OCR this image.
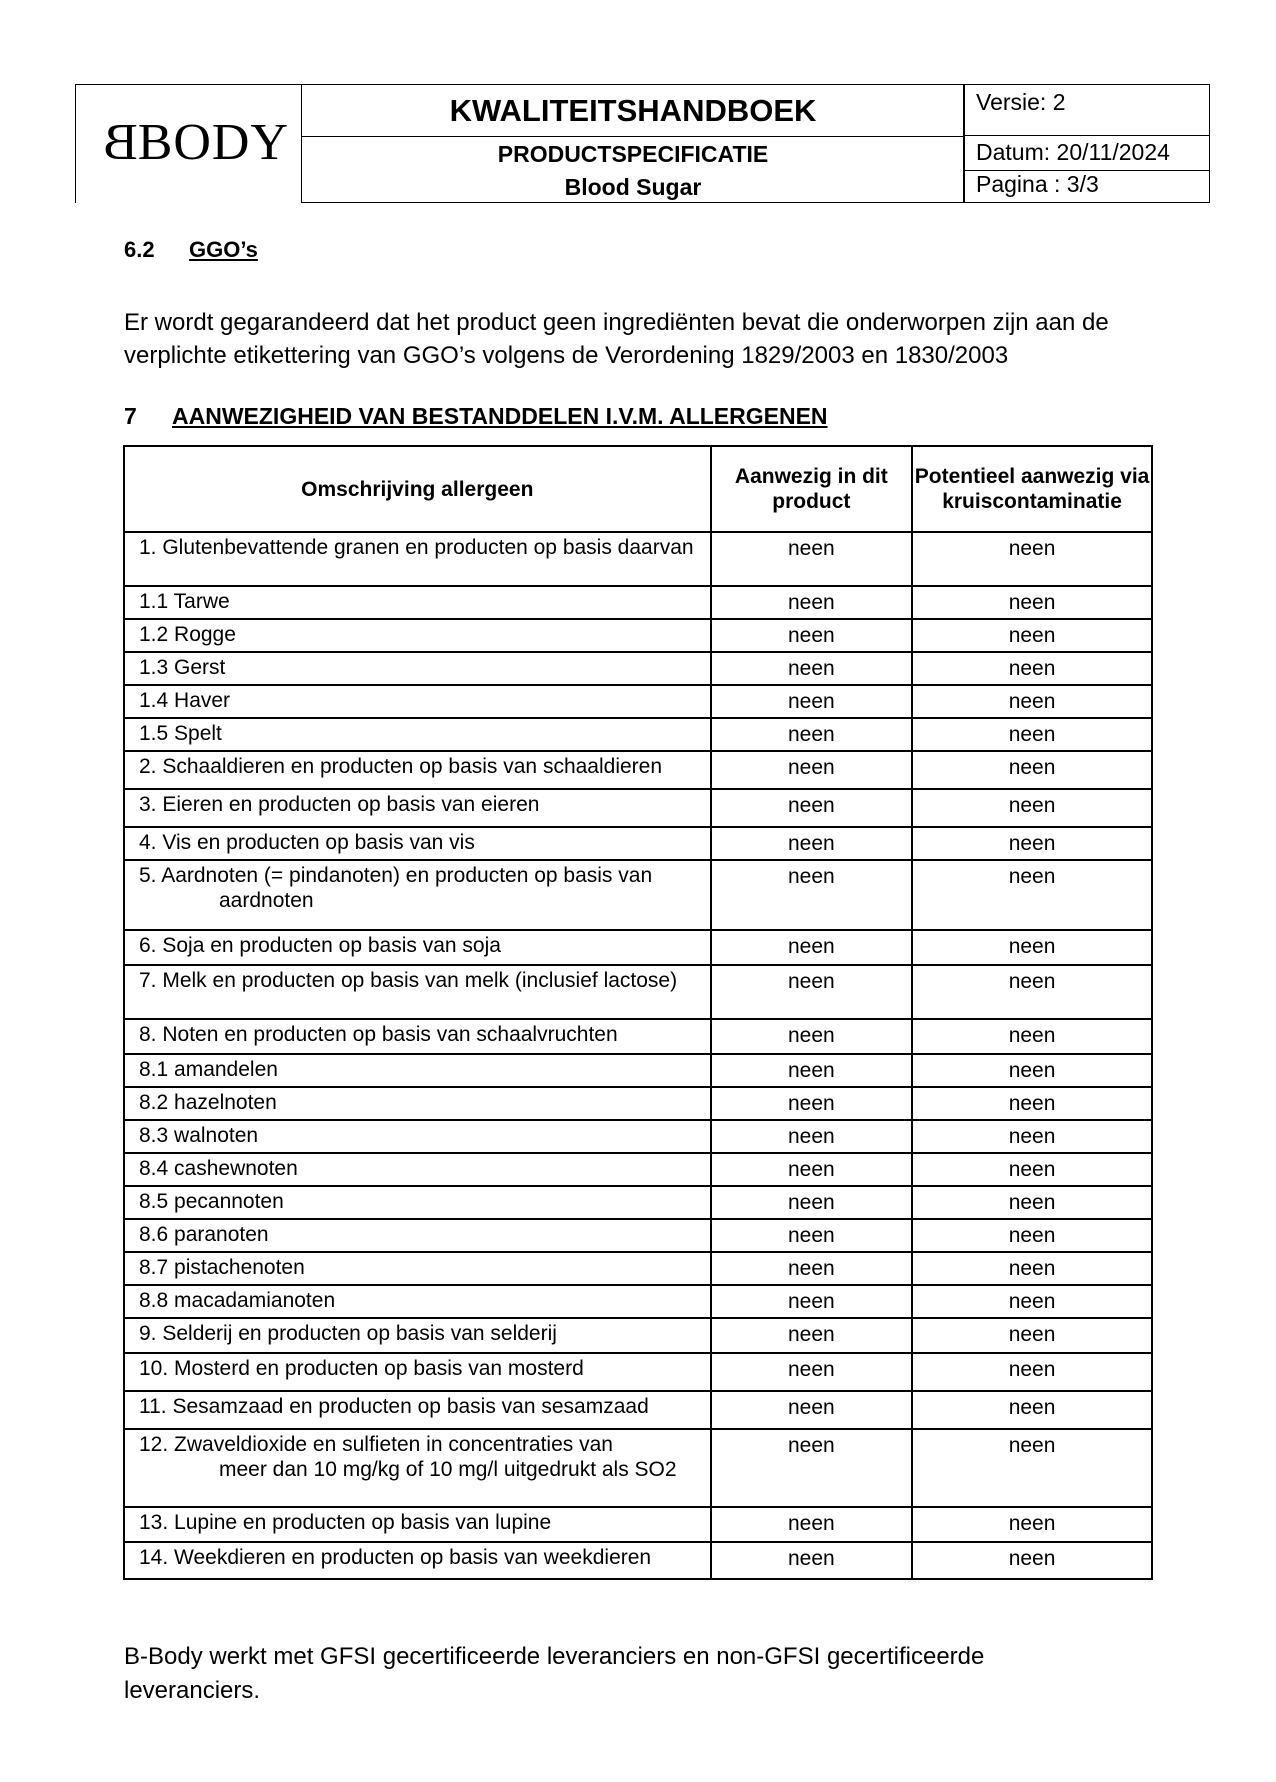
BBODY
KWALITEITSHANDBOEK
PRODUCTSPECIFICATIE
Blood Sugar
Versie: 2
Datum: 20/11/2024
Pagina : 3/3
6.2 GGO’s
Er wordt gegarandeerd dat het product geen ingrediënten bevat die onderworpen zijn aan de verplichte etikettering van GGO’s volgens de Verordening 1829/2003 en 1830/2003
7 AANWEZIGHEID VAN BESTANDDELEN I.V.M. ALLERGENEN
Omschrijving allergeen	Aanwezig in dit product	Potentieel aanwezig via kruiscontaminatie

1. Glutenbevattende granen en producten op basis daarvan	neen	neen

1.1 Tarwe	neen	neen

1.2 Rogge	neen	neen

1.3 Gerst	neen	neen

1.4 Haver	neen	neen

1.5 Spelt	neen	neen

2. Schaaldieren en producten op basis van schaaldieren	neen	neen

3. Eieren en producten op basis van eieren	neen	neen

4. Vis en producten op basis van vis	neen	neen

5. Aardnoten (= pindanoten) en producten op basis van
aardnoten	neen	neen

6. Soja en producten op basis van soja	neen	neen

7. Melk en producten op basis van melk (inclusief lactose)	neen	neen

8. Noten en producten op basis van schaalvruchten	neen	neen

8.1 amandelen	neen	neen

8.2 hazelnoten	neen	neen

8.3 walnoten	neen	neen

8.4 cashewnoten	neen	neen

8.5 pecannoten	neen	neen

8.6 paranoten	neen	neen

8.7 pistachenoten	neen	neen

8.8 macadamianoten	neen	neen

9. Selderij en producten op basis van selderij	neen	neen

10. Mosterd en producten op basis van mosterd	neen	neen

11. Sesamzaad en producten op basis van sesamzaad	neen	neen

12. Zwaveldioxide en sulfieten in concentraties van
meer dan 10 mg/kg of 10 mg/l uitgedrukt als SO2	neen	neen

13. Lupine en producten op basis van lupine	neen	neen

14. Weekdieren en producten op basis van weekdieren	neen	neen
B-Body werkt met GFSI gecertificeerde leveranciers en non-GFSI gecertificeerde leveranciers.
